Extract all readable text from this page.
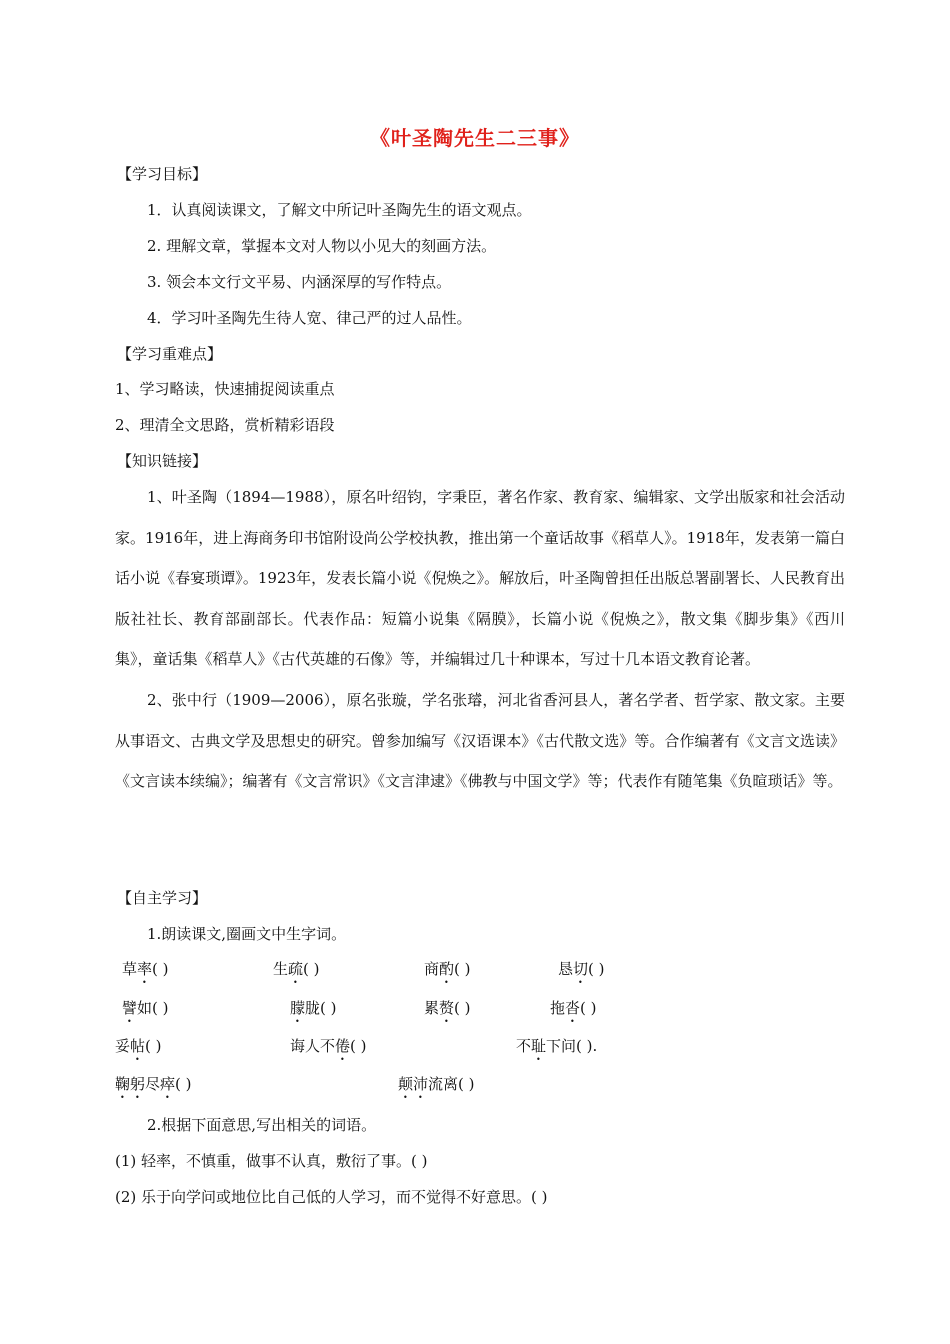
《叶圣陶先生二三事》
【学习目标】
1．认真阅读课文，了解文中所记叶圣陶先生的语文观点。
2. 理解文章，掌握本文对人物以小见大的刻画方法。
3. 领会本文行文平易、内涵深厚的写作特点。
4．学习叶圣陶先生待人宽、律己严的过人品性。
【学习重难点】
1、学习略读，快速捕捉阅读重点
2、理清全文思路，赏析精彩语段
【知识链接】

1、叶圣陶（1894—1988），原名叶绍钧，字秉臣，著名作家、教育家、编辑家、文学出版家和社会活动家。1916年，进上海商务印书馆附设尚公学校执教，推出第一个童话故事《稻草人》。1918年，发表第一篇白话小说《春宴琐谭》。1923年，发表长篇小说《倪焕之》。解放后，叶圣陶曾担任出版总署副署长、人民教育出版社社长、教育部副部长。代表作品：短篇小说集《隔膜》，长篇小说《倪焕之》，散文集《脚步集》《西川集》，童话集《稻草人》《古代英雄的石像》等，并编辑过几十种课本，写过十几本语文教育论著。

2、张中行（1909—2006），原名张璇，学名张璿，河北省香河县人，著名学者、哲学家、散文家。主要从事语文、古典文学及思想史的研究。曾参加编写《汉语课本》《古代散文选》等。合作编著有《文言文选读》《文言读本续编》；编著有《文言常识》《文言津逮》《佛教与中国文学》等；代表作有随笔集《负暄琐话》等。

【自主学习】
1.朗读课文,圈画文中生字词。
草率( )	生疏( )	商酌( )	恳切( )
譬如( )	朦胧( )	累赘( )	拖沓( )
妥帖( )	诲人不倦( )	不耻下问( ).
鞠躬尽瘁( )	颠沛流离( )
2.根据下面意思,写出相关的词语。
(1) 轻率，不慎重，做事不认真，敷衍了事。( )
(2) 乐于向学问或地位比自己低的人学习，而不觉得不好意思。( )
